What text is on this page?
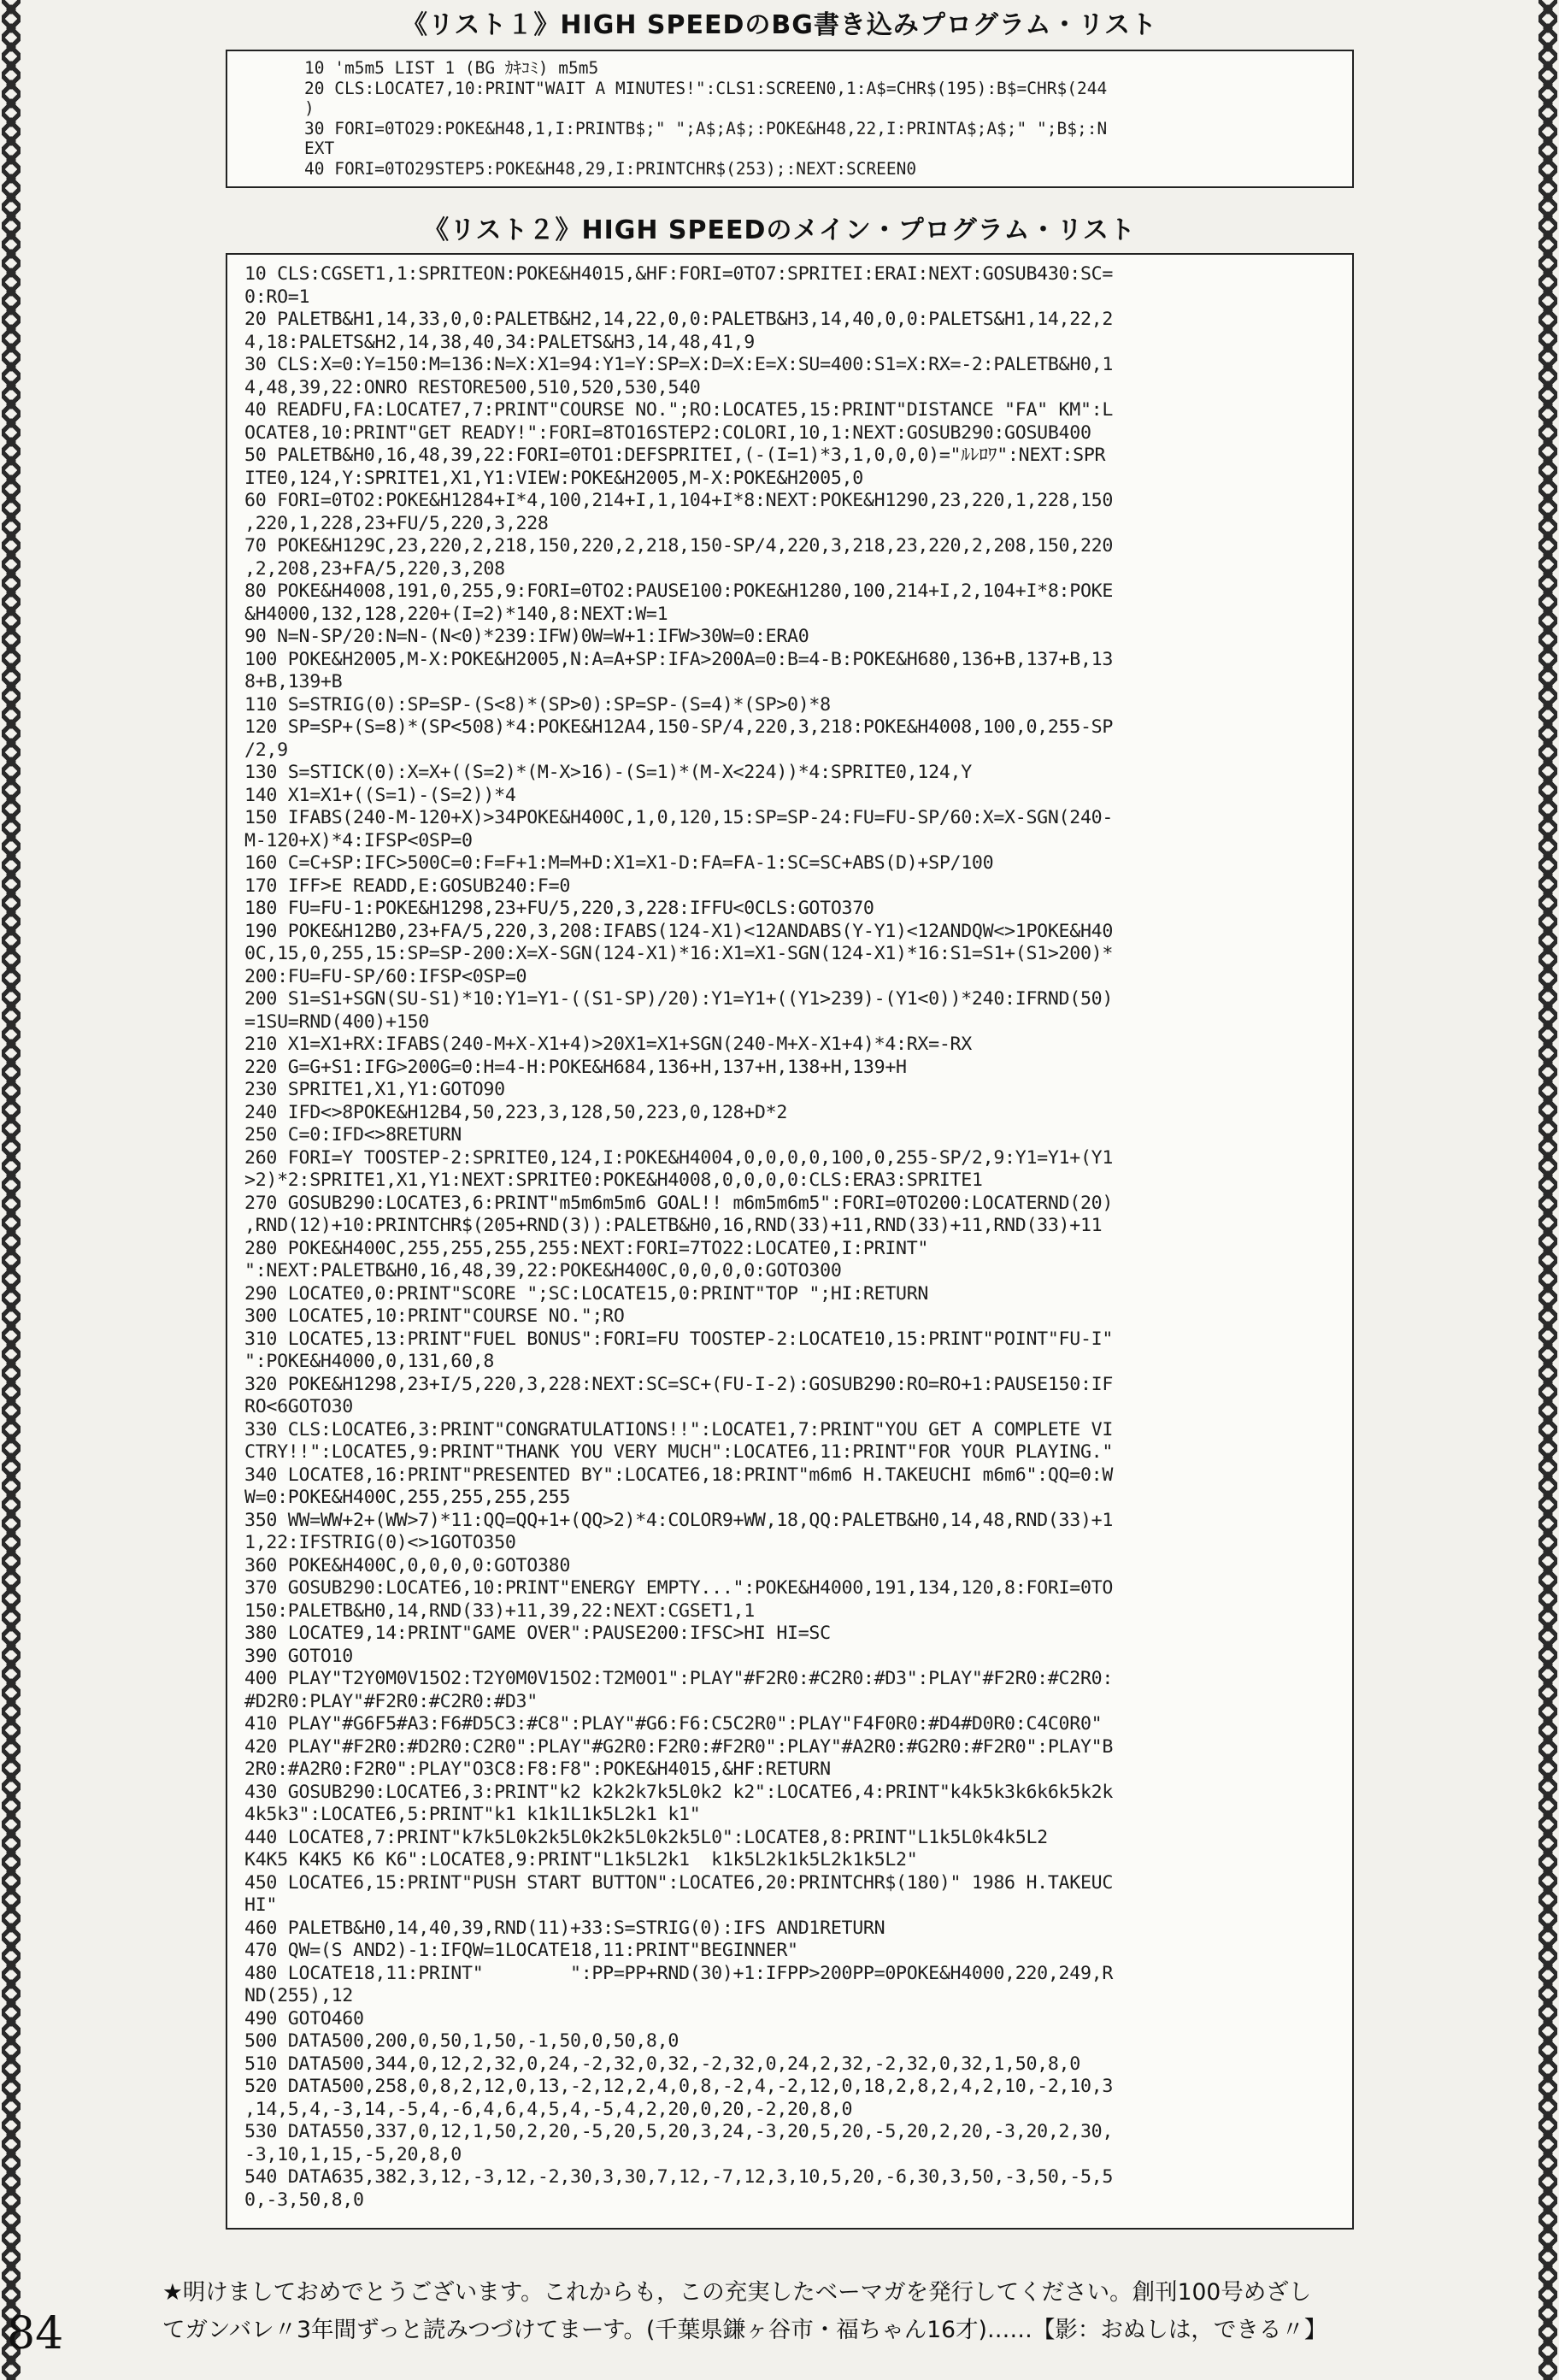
《リスト１》HIGH SPEEDのBG書き込みプログラム・リスト
10 'm5m5 LIST 1 (BG ｶｷｺﾐ) m5m5
20 CLS:LOCATE7,10:PRINT"WAIT A MINUTES!":CLS1:SCREEN0,1:A$=CHR$(195):B$=CHR$(244
)
30 FORI=0TO29:POKE&H48,1,I:PRINTB$;" ";A$;A$;:POKE&H48,22,I:PRINTA$;A$;" ";B$;:N
EXT
40 FORI=0TO29STEP5:POKE&H48,29,I:PRINTCHR$(253);:NEXT:SCREEN0
《リスト２》HIGH SPEEDのメイン・プログラム・リスト
10 CLS:CGSET1,1:SPRITEON:POKE&H4015,&HF:FORI=0TO7:SPRITEI:ERAI:NEXT:GOSUB430:SC=
0:RO=1
20 PALETB&H1,14,33,0,0:PALETB&H2,14,22,0,0:PALETB&H3,14,40,0,0:PALETS&H1,14,22,2
4,18:PALETS&H2,14,38,40,34:PALETS&H3,14,48,41,9
30 CLS:X=0:Y=150:M=136:N=X:X1=94:Y1=Y:SP=X:D=X:E=X:SU=400:S1=X:RX=-2:PALETB&H0,1
4,48,39,22:ONRO RESTORE500,510,520,530,540
40 READFU,FA:LOCATE7,7:PRINT"COURSE NO.";RO:LOCATE5,15:PRINT"DISTANCE "FA" KM":L
OCATE8,10:PRINT"GET READY!":FORI=8TO16STEP2:COLORI,10,1:NEXT:GOSUB290:GOSUB400
50 PALETB&H0,16,48,39,22:FORI=0TO1:DEFSPRITEI,(-(I=1)*3,1,0,0,0)="ﾙﾚﾛﾜ":NEXT:SPR
ITE0,124,Y:SPRITE1,X1,Y1:VIEW:POKE&H2005,M-X:POKE&H2005,0
60 FORI=0TO2:POKE&H1284+I*4,100,214+I,1,104+I*8:NEXT:POKE&H1290,23,220,1,228,150
,220,1,228,23+FU/5,220,3,228
70 POKE&H129C,23,220,2,218,150,220,2,218,150-SP/4,220,3,218,23,220,2,208,150,220
,2,208,23+FA/5,220,3,208
80 POKE&H4008,191,0,255,9:FORI=0TO2:PAUSE100:POKE&H1280,100,214+I,2,104+I*8:POKE
&H4000,132,128,220+(I=2)*140,8:NEXT:W=1
90 N=N-SP/20:N=N-(N<0)*239:IFW)0W=W+1:IFW>30W=0:ERA0
100 POKE&H2005,M-X:POKE&H2005,N:A=A+SP:IFA>200A=0:B=4-B:POKE&H680,136+B,137+B,13
8+B,139+B
110 S=STRIG(0):SP=SP-(S<8)*(SP>0):SP=SP-(S=4)*(SP>0)*8
120 SP=SP+(S=8)*(SP<508)*4:POKE&H12A4,150-SP/4,220,3,218:POKE&H4008,100,0,255-SP
/2,9
130 S=STICK(0):X=X+((S=2)*(M-X>16)-(S=1)*(M-X<224))*4:SPRITE0,124,Y
140 X1=X1+((S=1)-(S=2))*4
150 IFABS(240-M-120+X)>34POKE&H400C,1,0,120,15:SP=SP-24:FU=FU-SP/60:X=X-SGN(240-
M-120+X)*4:IFSP<0SP=0
160 C=C+SP:IFC>500C=0:F=F+1:M=M+D:X1=X1-D:FA=FA-1:SC=SC+ABS(D)+SP/100
170 IFF>E READD,E:GOSUB240:F=0
180 FU=FU-1:POKE&H1298,23+FU/5,220,3,228:IFFU<0CLS:GOTO370
190 POKE&H12B0,23+FA/5,220,3,208:IFABS(124-X1)<12ANDABS(Y-Y1)<12ANDQW<>1POKE&H40
0C,15,0,255,15:SP=SP-200:X=X-SGN(124-X1)*16:X1=X1-SGN(124-X1)*16:S1=S1+(S1>200)*
200:FU=FU-SP/60:IFSP<0SP=0
200 S1=S1+SGN(SU-S1)*10:Y1=Y1-((S1-SP)/20):Y1=Y1+((Y1>239)-(Y1<0))*240:IFRND(50)
=1SU=RND(400)+150
210 X1=X1+RX:IFABS(240-M+X-X1+4)>20X1=X1+SGN(240-M+X-X1+4)*4:RX=-RX
220 G=G+S1:IFG>200G=0:H=4-H:POKE&H684,136+H,137+H,138+H,139+H
230 SPRITE1,X1,Y1:GOTO90
240 IFD<>8POKE&H12B4,50,223,3,128,50,223,0,128+D*2
250 C=0:IFD<>8RETURN
260 FORI=Y TOOSTEP-2:SPRITE0,124,I:POKE&H4004,0,0,0,0,100,0,255-SP/2,9:Y1=Y1+(Y1
>2)*2:SPRITE1,X1,Y1:NEXT:SPRITE0:POKE&H4008,0,0,0,0:CLS:ERA3:SPRITE1
270 GOSUB290:LOCATE3,6:PRINT"m5m6m5m6 GOAL!! m6m5m6m5":FORI=0TO200:LOCATERND(20)
,RND(12)+10:PRINTCHR$(205+RND(3)):PALETB&H0,16,RND(33)+11,RND(33)+11,RND(33)+11
280 POKE&H400C,255,255,255,255:NEXT:FORI=7TO22:LOCATE0,I:PRINT"
":NEXT:PALETB&H0,16,48,39,22:POKE&H400C,0,0,0,0:GOTO300
290 LOCATE0,0:PRINT"SCORE ";SC:LOCATE15,0:PRINT"TOP ";HI:RETURN
300 LOCATE5,10:PRINT"COURSE NO.";RO
310 LOCATE5,13:PRINT"FUEL BONUS":FORI=FU TOOSTEP-2:LOCATE10,15:PRINT"POINT"FU-I"
":POKE&H4000,0,131,60,8
320 POKE&H1298,23+I/5,220,3,228:NEXT:SC=SC+(FU-I-2):GOSUB290:RO=RO+1:PAUSE150:IF
RO<6GOTO30
330 CLS:LOCATE6,3:PRINT"CONGRATULATIONS!!":LOCATE1,7:PRINT"YOU GET A COMPLETE VI
CTRY!!":LOCATE5,9:PRINT"THANK YOU VERY MUCH":LOCATE6,11:PRINT"FOR YOUR PLAYING."
340 LOCATE8,16:PRINT"PRESENTED BY":LOCATE6,18:PRINT"m6m6 H.TAKEUCHI m6m6":QQ=0:W
W=0:POKE&H400C,255,255,255,255
350 WW=WW+2+(WW>7)*11:QQ=QQ+1+(QQ>2)*4:COLOR9+WW,18,QQ:PALETB&H0,14,48,RND(33)+1
1,22:IFSTRIG(0)<>1GOTO350
360 POKE&H400C,0,0,0,0:GOTO380
370 GOSUB290:LOCATE6,10:PRINT"ENERGY EMPTY...":POKE&H4000,191,134,120,8:FORI=0TO
150:PALETB&H0,14,RND(33)+11,39,22:NEXT:CGSET1,1
380 LOCATE9,14:PRINT"GAME OVER":PAUSE200:IFSC>HI HI=SC
390 GOTO10
400 PLAY"T2Y0M0V15O2:T2Y0M0V15O2:T2M0O1":PLAY"#F2R0:#C2R0:#D3":PLAY"#F2R0:#C2R0:
#D2R0:PLAY"#F2R0:#C2R0:#D3"
410 PLAY"#G6F5#A3:F6#D5C3:#C8":PLAY"#G6:F6:C5C2R0":PLAY"F4F0R0:#D4#D0R0:C4C0R0"
420 PLAY"#F2R0:#D2R0:C2R0":PLAY"#G2R0:F2R0:#F2R0":PLAY"#A2R0:#G2R0:#F2R0":PLAY"B
2R0:#A2R0:F2R0":PLAY"O3C8:F8:F8":POKE&H4015,&HF:RETURN
430 GOSUB290:LOCATE6,3:PRINT"k2 k2k2k7k5L0k2 k2":LOCATE6,4:PRINT"k4k5k3k6k6k5k2k
4k5k3":LOCATE6,5:PRINT"k1 k1k1L1k5L2k1 k1"
440 LOCATE8,7:PRINT"k7k5L0k2k5L0k2k5L0k2k5L0":LOCATE8,8:PRINT"L1k5L0k4k5L2
K4K5 K4K5 K6 K6":LOCATE8,9:PRINT"L1k5L2k1  k1k5L2k1k5L2k1k5L2"
450 LOCATE6,15:PRINT"PUSH START BUTTON":LOCATE6,20:PRINTCHR$(180)" 1986 H.TAKEUC
HI"
460 PALETB&H0,14,40,39,RND(11)+33:S=STRIG(0):IFS AND1RETURN
470 QW=(S AND2)-1:IFQW=1LOCATE18,11:PRINT"BEGINNER"
480 LOCATE18,11:PRINT"        ":PP=PP+RND(30)+1:IFPP>200PP=0POKE&H4000,220,249,R
ND(255),12
490 GOTO460
500 DATA500,200,0,50,1,50,-1,50,0,50,8,0
510 DATA500,344,0,12,2,32,0,24,-2,32,0,32,-2,32,0,24,2,32,-2,32,0,32,1,50,8,0
520 DATA500,258,0,8,2,12,0,13,-2,12,2,4,0,8,-2,4,-2,12,0,18,2,8,2,4,2,10,-2,10,3
,14,5,4,-3,14,-5,4,-6,4,6,4,5,4,-5,4,2,20,0,20,-2,20,8,0
530 DATA550,337,0,12,1,50,2,20,-5,20,5,20,3,24,-3,20,5,20,-5,20,2,20,-3,20,2,30,
-3,10,1,15,-5,20,8,0
540 DATA635,382,3,12,-3,12,-2,30,3,30,7,12,-7,12,3,10,5,20,-6,30,3,50,-3,50,-5,5
0,-3,50,8,0
84
★明けましておめでとうございます。これからも，この充実したベーマガを発行してください。創刊100号めざし
てガンバレ〃3年間ずっと読みつづけてまーす。(千葉県鎌ヶ谷市・福ちゃん16才)……【影：おぬしは，できる〃】
